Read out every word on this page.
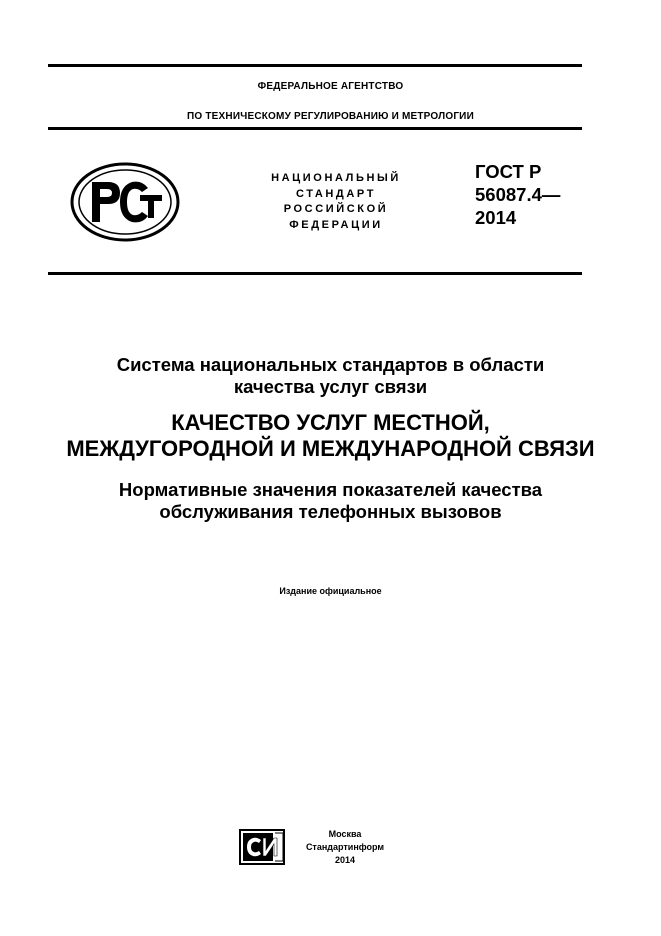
ФЕДЕРАЛЬНОЕ АГЕНТСТВО
ПО ТЕХНИЧЕСКОМУ РЕГУЛИРОВАНИЮ И МЕТРОЛОГИИ
НАЦИОНАЛЬНЫЙ
СТАНДАРТ
РОССИЙСКОЙ
ФЕДЕРАЦИИ
ГОСТ Р
56087.4—
2014
Система национальных стандартов в области
качества услуг связи
КАЧЕСТВО УСЛУГ МЕСТНОЙ,
МЕЖДУГОРОДНОЙ И МЕЖДУНАРОДНОЙ СВЯЗИ
Нормативные значения показателей качества
обслуживания телефонных вызовов
Издание официальное
Москва
Стандартинформ
2014
